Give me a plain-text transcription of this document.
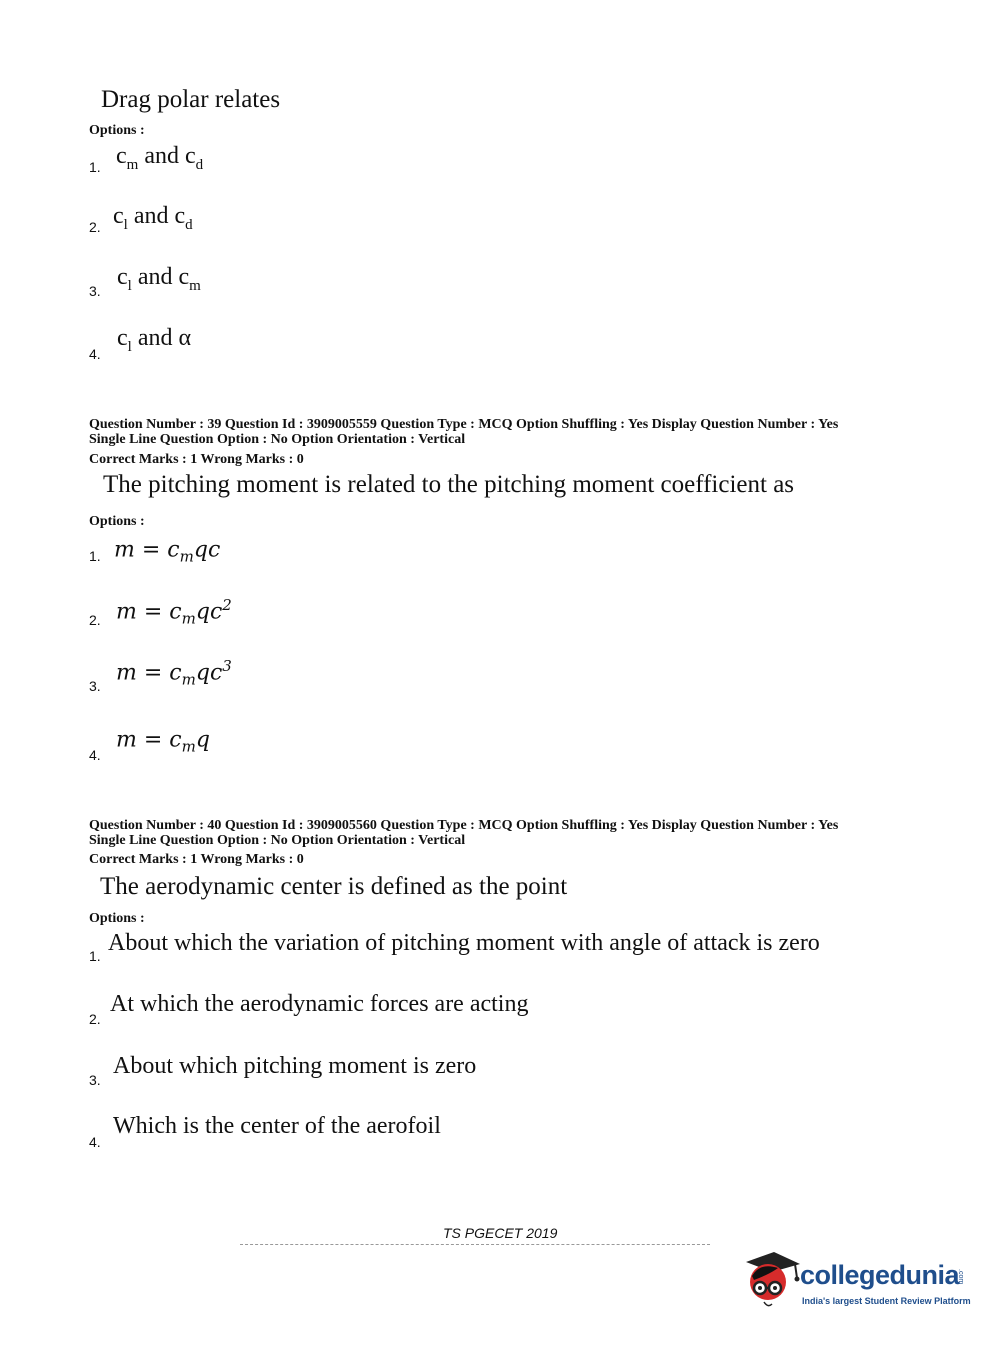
Drag polar relates
Options :
1. $c_m$ and $c_d$
2. $c_l$ and $c_d$
3.
$c_l$ and $c_m$
4.
$c_l$ and α
Question Number : 39 Question Id : 3909005559 Question Type : MCQ Option Shuffling : Yes Display Question Number : Yes
Single Line Question Option : No Option Orientation : Vertical
Correct Marks : 1 Wrong Marks : 0
The pitching moment is related to the pitching moment coefficient as
Options :
1. $m = c_mqc$
2. $m = c_mqc^2$
3.
$m = c_mqc^3$
4.
$m = c_mq$
Question Number : 40 Question Id : 3909005560 Question Type : MCQ Option Shuffling : Yes Display Question Number : Yes
Single Line Question Option : No Option Orientation : Vertical
Correct Marks : 1 Wrong Marks : 0
The aerodynamic center is defined as the point
Options :
1. About which the variation of pitching moment with angle of attack is zero
2.
At which the aerodynamic forces are acting
3.
About which pitching moment is zero
4.
Which is the center of the aerofoil
TS PGECET 2019
collegedunia
.com
India's largest Student Review Platform
